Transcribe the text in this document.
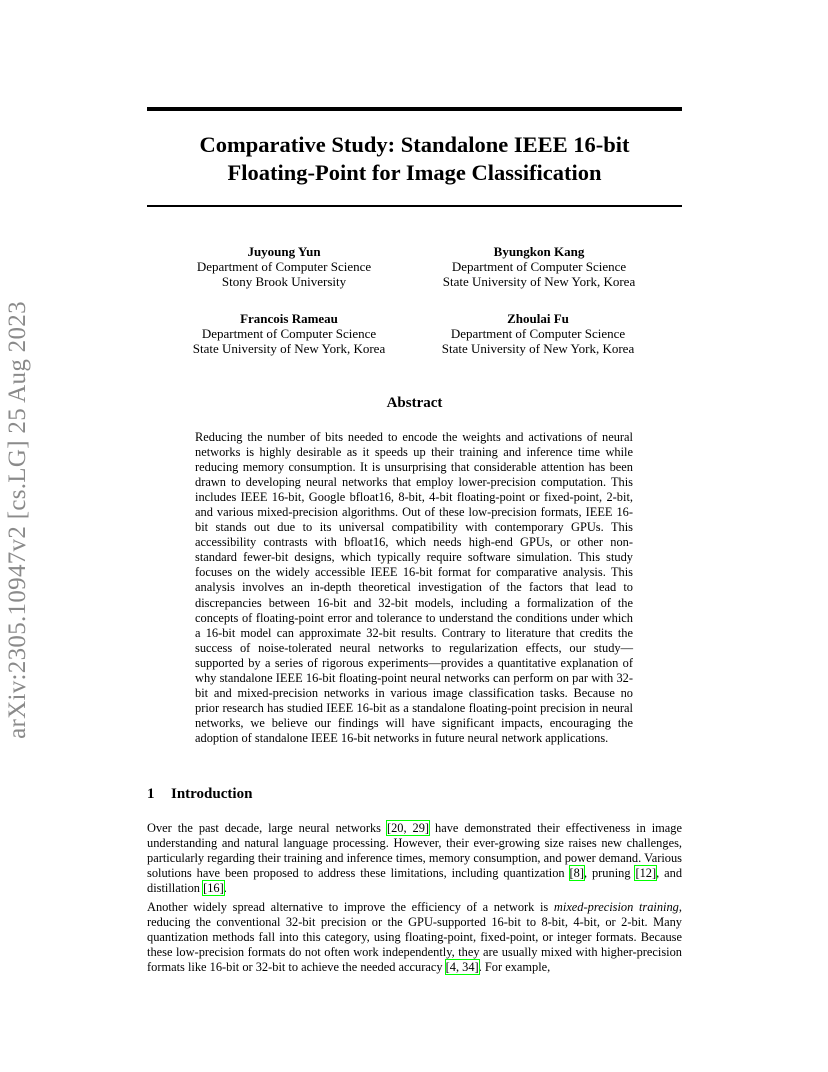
arXiv:2305.10947v2 [cs.LG] 25 Aug 2023
Comparative Study: Standalone IEEE 16-bit
Floating-Point for Image Classification
Juyoung Yun
Department of Computer Science
Stony Brook University
Byungkon Kang
Department of Computer Science
State University of New York, Korea
Francois Rameau
Department of Computer Science
State University of New York, Korea
Zhoulai Fu
Department of Computer Science
State University of New York, Korea
Abstract
Reducing the number of bits needed to encode the weights and activations of neural networks is highly desirable as it speeds up their training and inference time while reducing memory consumption. It is unsurprising that considerable attention has been drawn to developing neural networks that employ lower-precision computation. This includes IEEE 16-bit, Google bfloat16, 8-bit, 4-bit floating-point or fixed-point, 2-bit, and various mixed-precision algorithms. Out of these low-precision formats, IEEE 16-bit stands out due to its universal compatibility with contemporary GPUs. This accessibility contrasts with bfloat16, which needs high-end GPUs, or other non-standard fewer-bit designs, which typically require software simulation. This study focuses on the widely accessible IEEE 16-bit format for comparative analysis. This analysis involves an in-depth theoretical investigation of the factors that lead to discrepancies between 16-bit and 32-bit models, including a formalization of the concepts of floating-point error and tolerance to understand the conditions under which a 16-bit model can approximate 32-bit results. Contrary to literature that credits the success of noise-tolerated neural networks to regularization effects, our study—supported by a series of rigorous experiments—provides a quantitative explanation of why standalone IEEE 16-bit floating-point neural networks can perform on par with 32-bit and mixed-precision networks in various image classification tasks. Because no prior research has studied IEEE 16-bit as a standalone floating-point precision in neural networks, we believe our findings will have significant impacts, encouraging the adoption of standalone IEEE 16-bit networks in future neural network applications.
1 Introduction
Over the past decade, large neural networks [20, 29] have demonstrated their effectiveness in image understanding and natural language processing. However, their ever-growing size raises new challenges, particularly regarding their training and inference times, memory consumption, and power demand. Various solutions have been proposed to address these limitations, including quantization [8], pruning [12], and distillation [16].
Another widely spread alternative to improve the efficiency of a network is mixed-precision training, reducing the conventional 32-bit precision or the GPU-supported 16-bit to 8-bit, 4-bit, or 2-bit. Many quantization methods fall into this category, using floating-point, fixed-point, or integer formats. Because these low-precision formats do not often work independently, they are usually mixed with higher-precision formats like 16-bit or 32-bit to achieve the needed accuracy [4, 34]. For example,
